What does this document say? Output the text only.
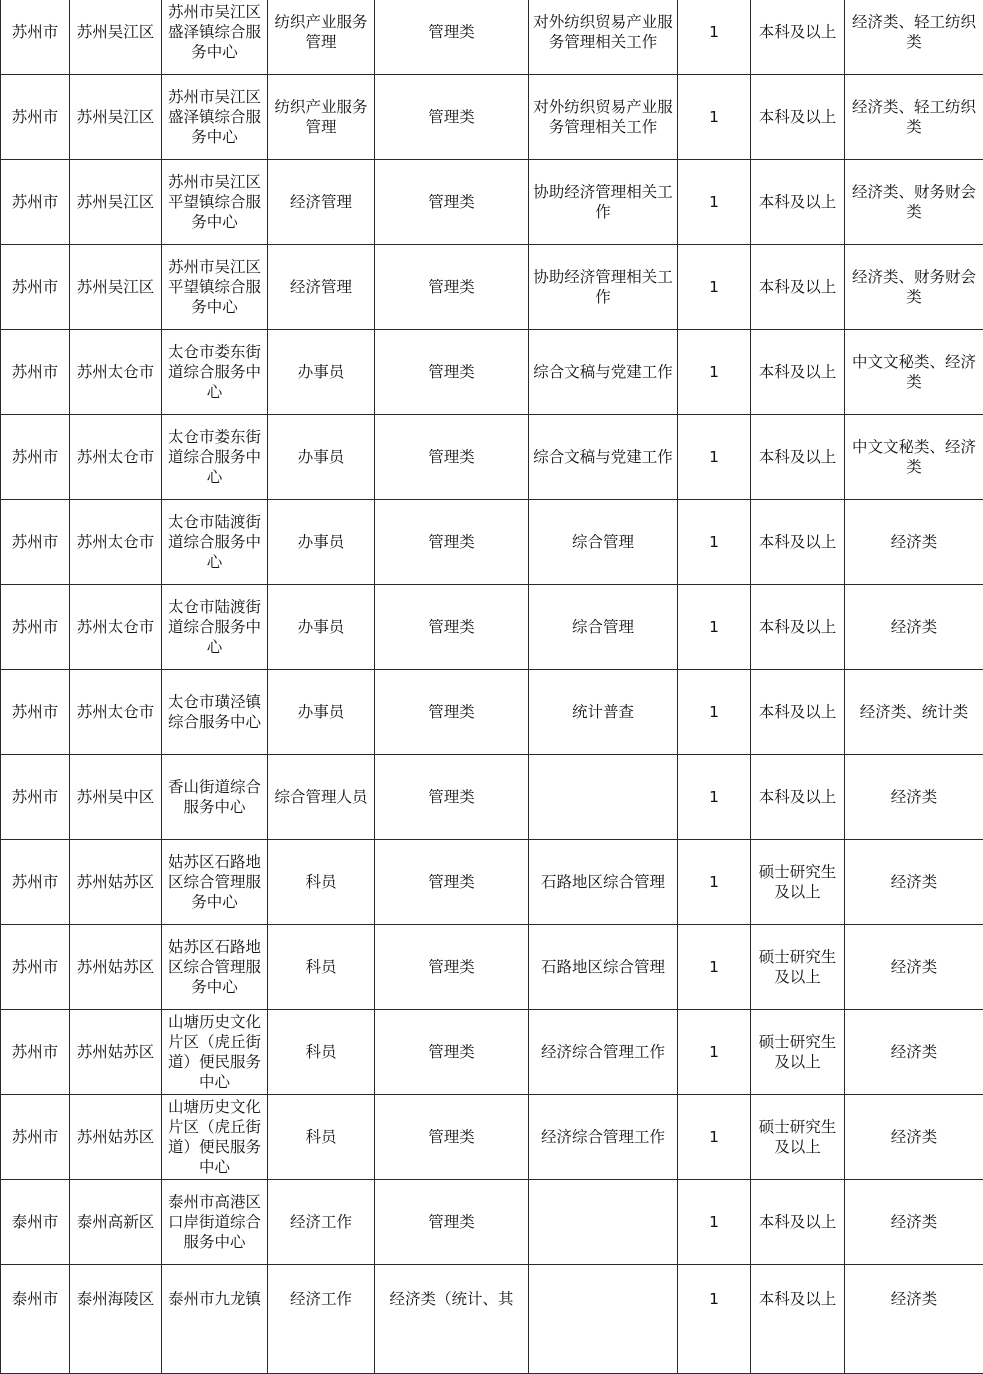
苏州市	苏州吴江区	苏州市吴江区盛泽镇综合服务中心	纺织产业服务管理	管理类	对外纺织贸易产业服务管理相关工作	1	本科及以上	经济类、轻工纺织类
苏州市	苏州吴江区	苏州市吴江区盛泽镇综合服务中心	纺织产业服务管理	管理类	对外纺织贸易产业服务管理相关工作	1	本科及以上	经济类、轻工纺织类
苏州市	苏州吴江区	苏州市吴江区平望镇综合服务中心	经济管理	管理类	协助经济管理相关工作	1	本科及以上	经济类、财务财会类
苏州市	苏州吴江区	苏州市吴江区平望镇综合服务中心	经济管理	管理类	协助经济管理相关工作	1	本科及以上	经济类、财务财会类
苏州市	苏州太仓市	太仓市娄东街道综合服务中心	办事员	管理类	综合文稿与党建工作	1	本科及以上	中文文秘类、经济类
苏州市	苏州太仓市	太仓市娄东街道综合服务中心	办事员	管理类	综合文稿与党建工作	1	本科及以上	中文文秘类、经济类
苏州市	苏州太仓市	太仓市陆渡街道综合服务中心	办事员	管理类	综合管理	1	本科及以上	经济类
苏州市	苏州太仓市	太仓市陆渡街道综合服务中心	办事员	管理类	综合管理	1	本科及以上	经济类
苏州市	苏州太仓市	太仓市璜泾镇综合服务中心	办事员	管理类	统计普查	1	本科及以上	经济类、统计类
苏州市	苏州吴中区	香山街道综合服务中心	综合管理人员	管理类		1	本科及以上	经济类
苏州市	苏州姑苏区	姑苏区石路地区综合管理服务中心	科员	管理类	石路地区综合管理	1	硕士研究生及以上	经济类
苏州市	苏州姑苏区	姑苏区石路地区综合管理服务中心	科员	管理类	石路地区综合管理	1	硕士研究生及以上	经济类
苏州市	苏州姑苏区	山塘历史文化片区（虎丘街道）便民服务中心	科员	管理类	经济综合管理工作	1	硕士研究生及以上	经济类
苏州市	苏州姑苏区	山塘历史文化片区（虎丘街道）便民服务中心	科员	管理类	经济综合管理工作	1	硕士研究生及以上	经济类
泰州市	泰州高新区	泰州市高港区口岸街道综合服务中心	经济工作	管理类		1	本科及以上	经济类
泰州市	泰州海陵区	泰州市九龙镇	经济工作	经济类（统计、其		1	本科及以上	经济类
